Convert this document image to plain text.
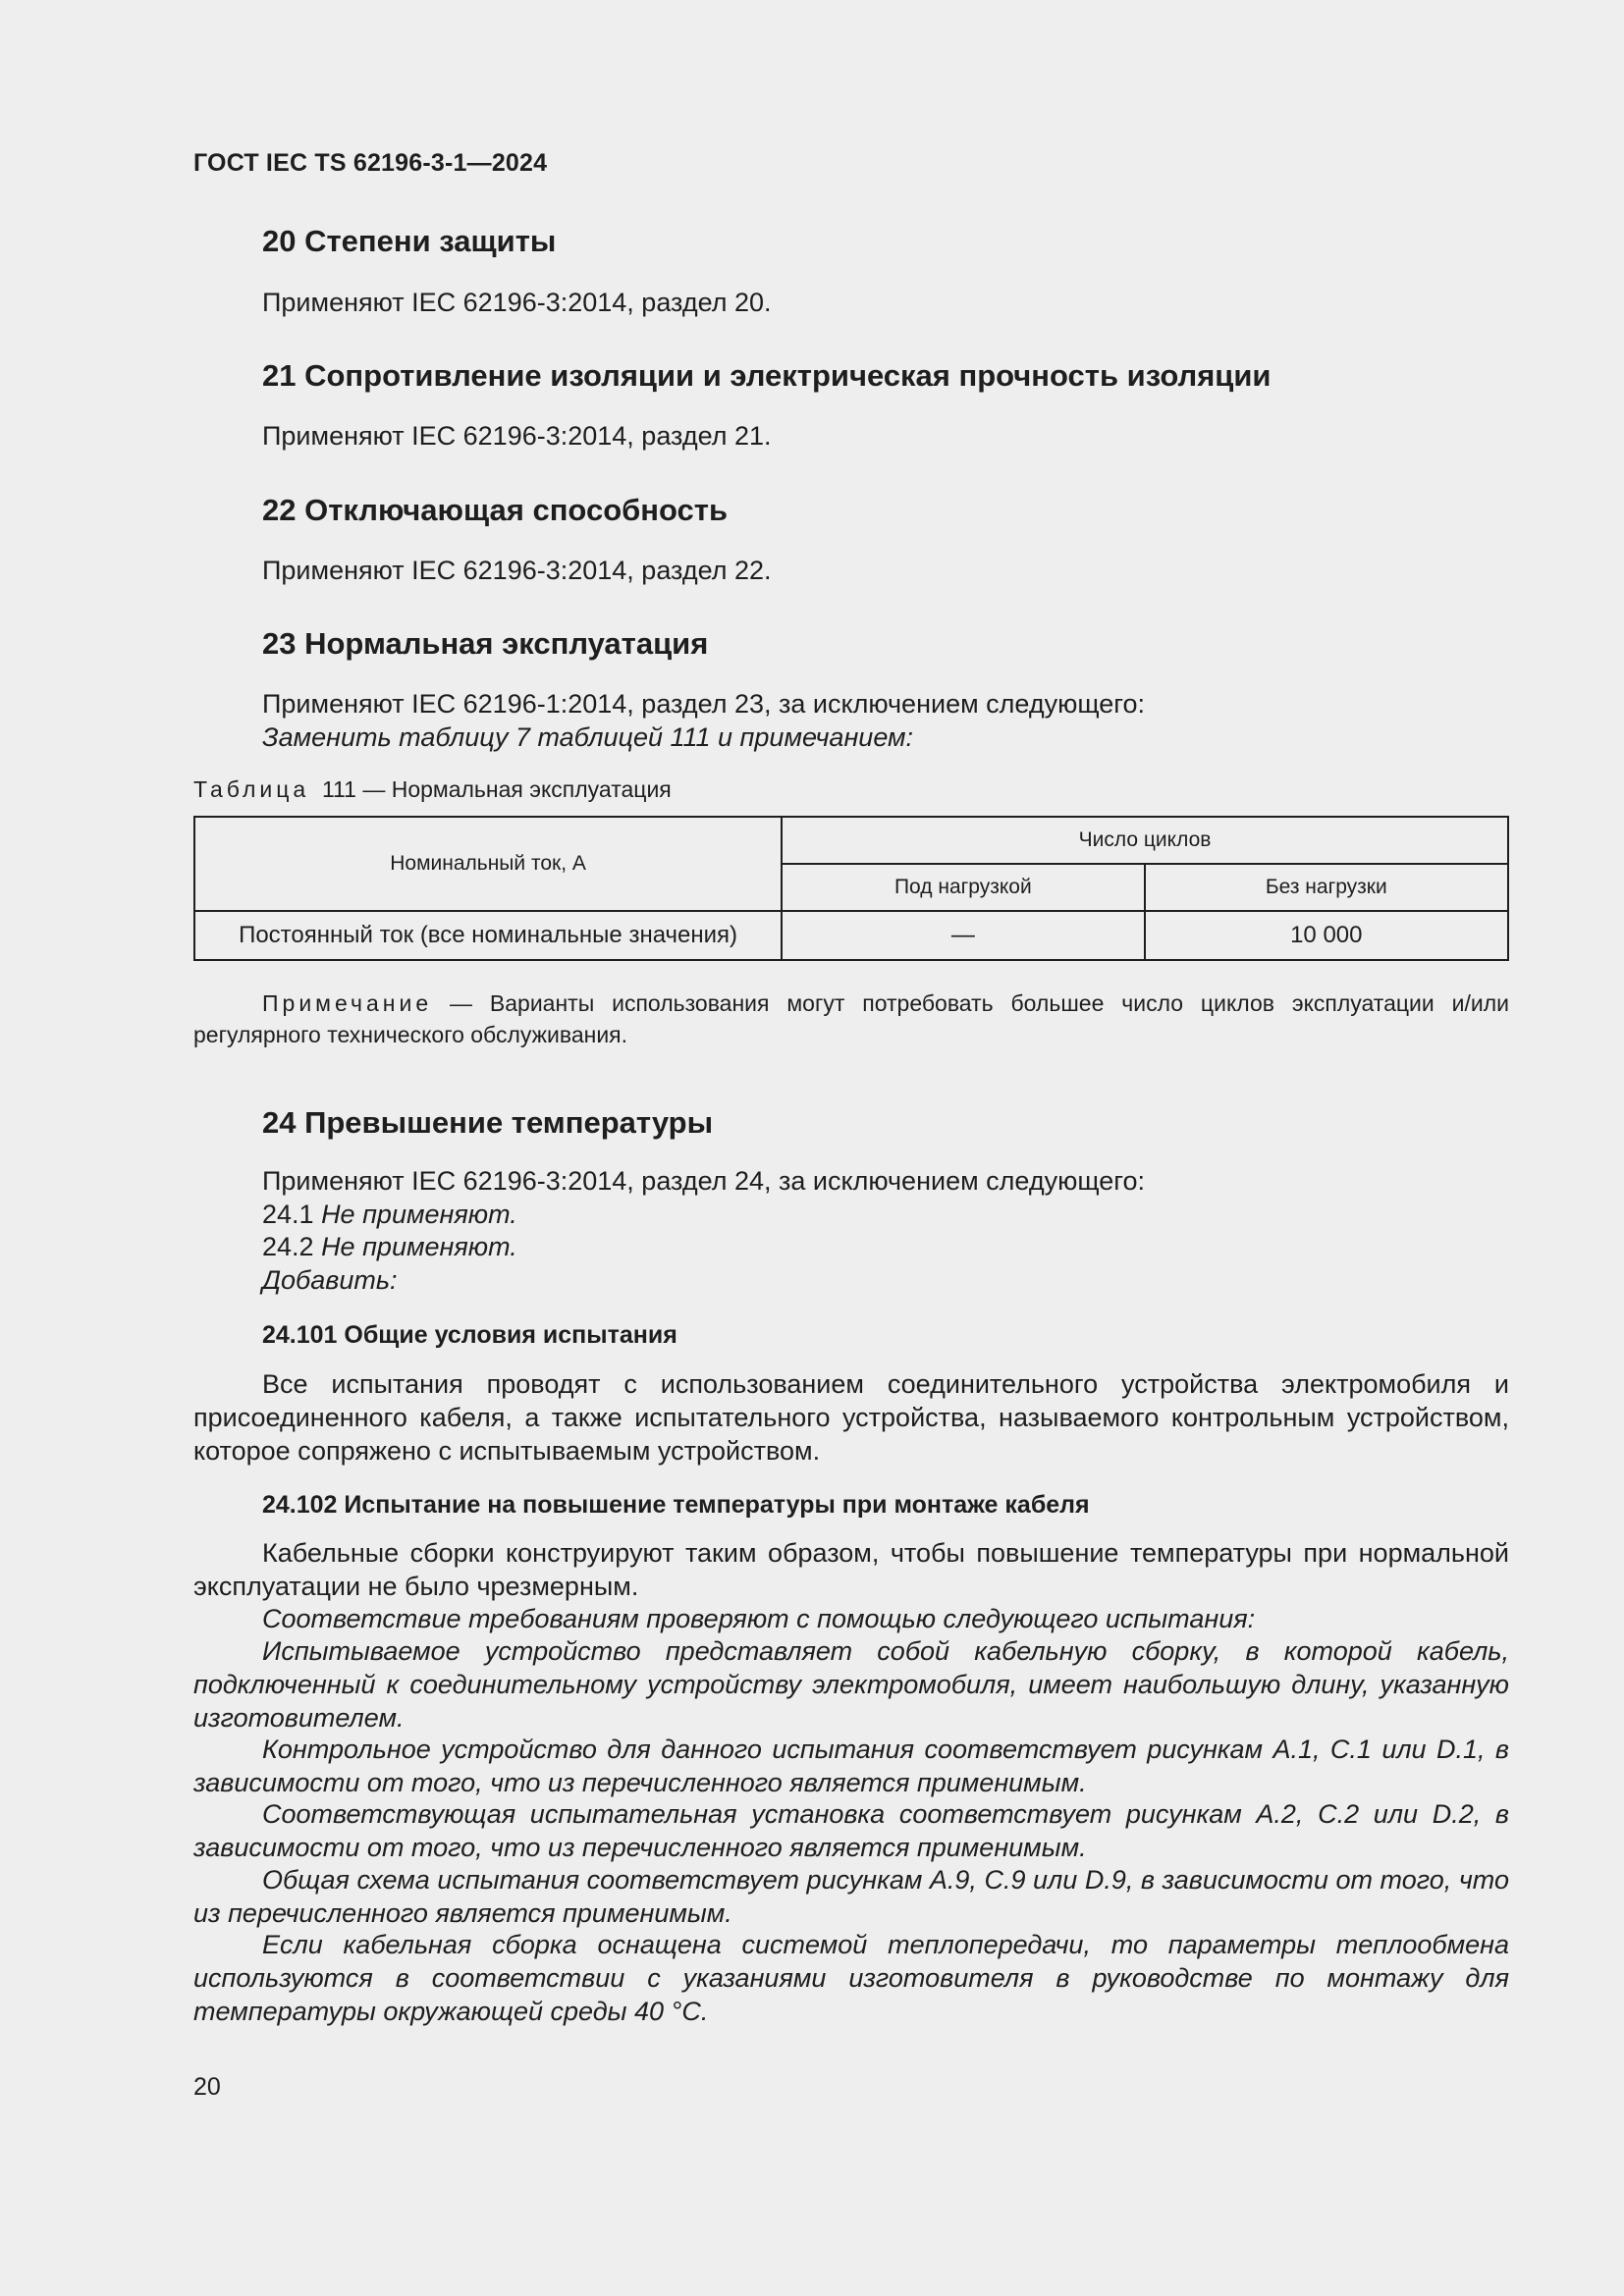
ГОСТ IEC TS 62196-3-1—2024
20 Степени защиты
Применяют IEC 62196-3:2014, раздел 20.
21 Сопротивление изоляции и электрическая прочность изоляции
Применяют IEC 62196-3:2014, раздел 21.
22 Отключающая способность
Применяют IEC 62196-3:2014, раздел 22.
23 Нормальная эксплуатация
Применяют IEC 62196-1:2014, раздел 23, за исключением следующего:
Заменить таблицу 7 таблицей 111 и примечанием:
Таблица  111 — Нормальная эксплуатация
Номинальный ток, А	Число циклов	
	Под нагрузкой	Без нагрузки
Постоянный ток (все номинальные значения)	—	10 000
Примечание — Варианты использования могут потребовать большее число циклов эксплуатации и/или регулярного технического обслуживания.
24 Превышение температуры
Применяют IEC 62196-3:2014, раздел 24, за исключением следующего:
24.1 Не применяют.
24.2 Не применяют.
Добавить:
24.101 Общие условия испытания
Все испытания проводят с использованием соединительного устройства электромобиля и присоединенного кабеля, а также испытательного устройства, называемого контрольным устройством, которое сопряжено с испытываемым устройством.
24.102 Испытание на повышение температуры при монтаже кабеля
Кабельные сборки конструируют таким образом, чтобы повышение температуры при нормальной эксплуатации не было чрезмерным.
Соответствие требованиям проверяют с помощью следующего испытания:
Испытываемое устройство представляет собой кабельную сборку, в которой кабель, подключенный к соединительному устройству электромобиля, имеет наибольшую длину, указанную изготовителем.
Контрольное устройство для данного испытания соответствует рисункам А.1, С.1 или D.1, в зависимости от того, что из перечисленного является применимым.
Соответствующая испытательная установка соответствует рисункам А.2, С.2 или D.2, в зависимости от того, что из перечисленного является применимым.
Общая схема испытания соответствует рисункам А.9, С.9 или D.9, в зависимости от того, что из перечисленного является применимым.
Если кабельная сборка оснащена системой теплопередачи, то параметры теплообмена используются в соответствии с указаниями изготовителя в руководстве по монтажу для температуры окружающей среды 40 °С.
20
